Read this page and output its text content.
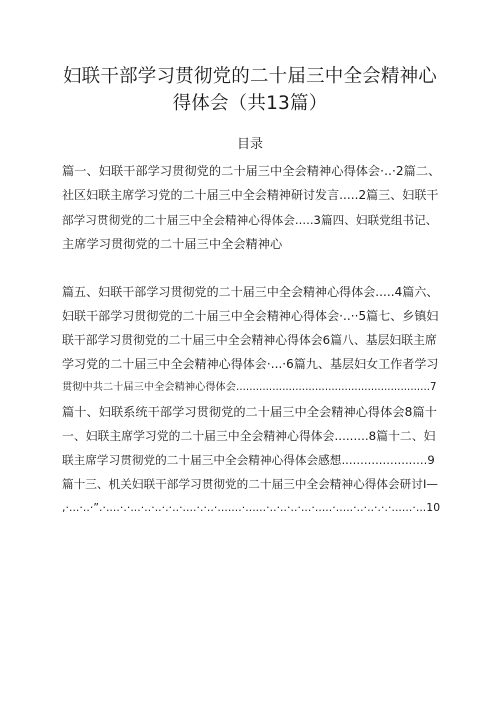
妇联干部学习贯彻党的二十届三中全会精神心
得体会（共13篇）
目录
篇一、妇联干部学习贯彻党的二十届三中全会精神心得体会·..·2篇二、
社区妇联主席学习党的二十届三中全会精神研讨发言.....2篇三、妇联干
部学习贯彻党的二十届三中全会精神心得体会.....3篇四、妇联党组书记、
主席学习贯彻党的二十届三中全会精神心
篇五、妇联干部学习贯彻党的二十届三中全会精神心得体会.....4篇六、
妇联干部学习贯彻党的二十届三中全会精神心得体会·..··5篇七、乡镇妇
联干部学习贯彻党的二十届三中全会精神心得体会6篇八、基层妇联主席
学习党的二十届三中全会精神心得体会·...·6篇九、基层妇女工作者学习
贯彻中共二十届三中全会精神心得体会...........................................................7
篇十、妇联系统干部学习贯彻党的二十届三中全会精神心得体会8篇十
一、妇联主席学习党的二十届三中全会精神心得体会.........8篇十二、妇
联主席学习贯彻党的二十届三中全会精神心得体会感想.......................9
篇十三、机关妇联干部学习贯彻党的二十届三中全会精神心得体会研讨I—
,·...·..·”.·....·.·...·..·..·.·..·....·.·..·.......·......·..·..·..·...·.....·.....·..·..·.·.·......·...10
